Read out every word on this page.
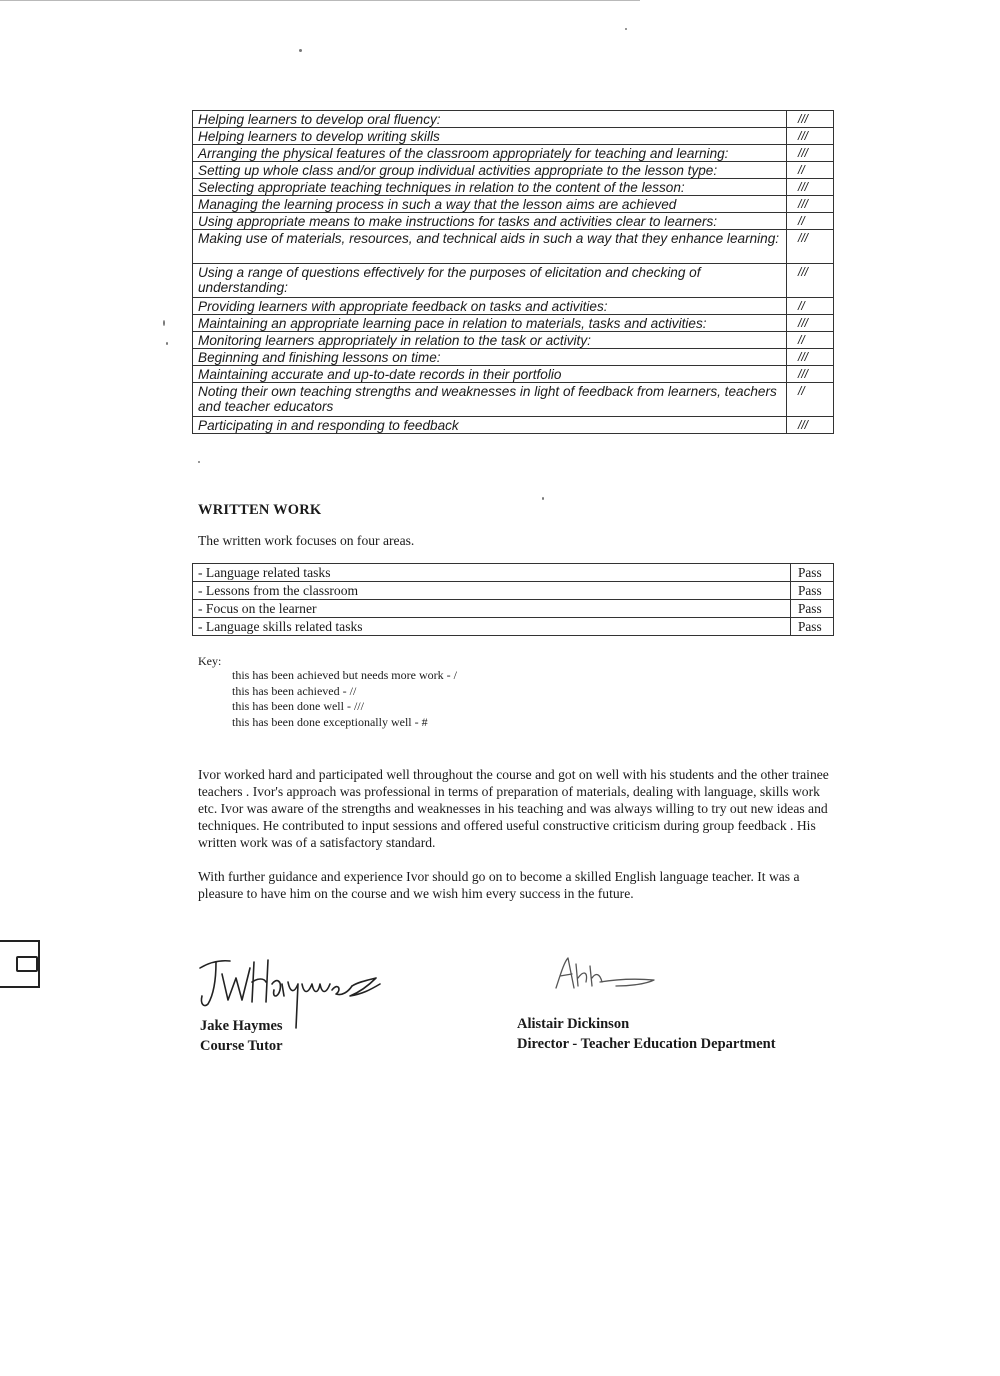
Helping learners to develop oral fluency:	///
Helping learners to develop writing skills	///
Arranging the physical features of the classroom appropriately for teaching and learning:	///
Setting up whole class and/or group individual activities appropriate to the lesson type:	//
Selecting appropriate teaching techniques in relation to the content of the lesson:	///
Managing the learning process in such a way that the lesson aims are achieved	///
Using appropriate means to make instructions for tasks and activities clear to learners:	//
Making use of materials, resources, and technical aids in such a way that they enhance learning:	///
Using a range of questions effectively for the purposes of elicitation and checking of understanding:	///
Providing learners with appropriate feedback on tasks and activities:	//
Maintaining an appropriate learning pace in relation to materials, tasks and activities:	///
Monitoring learners appropriately in relation to the task or activity:	//
Beginning and finishing lessons on time:	///
Maintaining accurate and up-to-date records in their portfolio	///
Noting their own teaching strengths and weaknesses in light of feedback from learners, teachers and teacher educators	//
Participating in and responding to feedback	///
WRITTEN WORK
The written work focuses on four areas.
- Language related tasks	Pass
- Lessons from the classroom	Pass
- Focus on the learner	Pass
- Language skills related tasks	Pass
Key:
this has been achieved but needs more work - /
this has been achieved - //
this has been done well - ///
this has been done exceptionally well - #
Ivor worked hard and participated well throughout the course and got on well with his students and the other trainee teachers . Ivor's approach was professional in terms of preparation of materials, dealing with language, skills work etc. Ivor was aware of the strengths and weaknesses in his teaching and was always willing to try out new ideas and techniques. He contributed to input sessions and offered useful constructive criticism during group feedback . His written work was of a satisfactory standard.
With further guidance and experience Ivor should go on to become a skilled English language teacher. It was a pleasure to have him on the course and we wish him every success in the future.
Jake Haymes
Course Tutor
Alistair Dickinson
Director - Teacher Education Department
